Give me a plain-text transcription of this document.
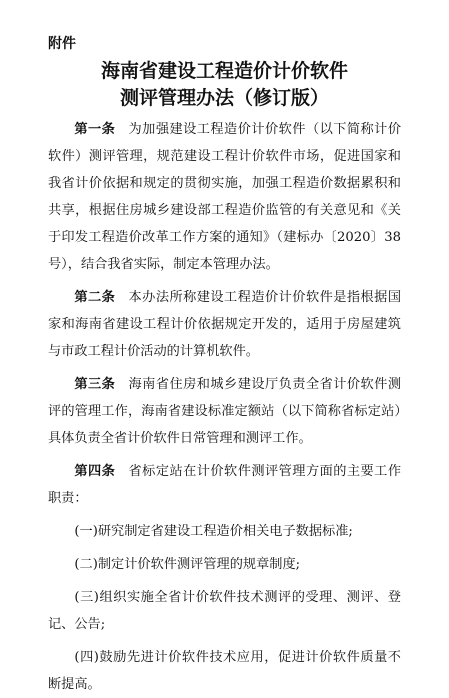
附件
海南省建设工程造价计价软件
测评管理办法（修订版）

第一条 为加强建设工程造价计价软件（以下简称计价软件）测评管理，规范建设工程计价软件市场，促进国家和我省计价依据和规定的贯彻实施，加强工程造价数据累积和共享，根据住房城乡建设部工程造价监管的有关意见和《关于印发工程造价改革工作方案的通知》（建标办〔2020〕38号），结合我省实际，制定本管理办法。

第二条 本办法所称建设工程造价计价软件是指根据国家和海南省建设工程计价依据规定开发的，适用于房屋建筑与市政工程计价活动的计算机软件。

第三条 海南省住房和城乡建设厅负责全省计价软件测评的管理工作，海南省建设标准定额站（以下简称省标定站）具体负责全省计价软件日常管理和测评工作。

第四条 省标定站在计价软件测评管理方面的主要工作职责：

(一)研究制定省建设工程造价相关电子数据标准;

(二)制定计价软件测评管理的规章制度;

(三)组织实施全省计价软件技术测评的受理、测评、登记、公告;

(四)鼓励先进计价软件技术应用，促进计价软件质量不断提高。
